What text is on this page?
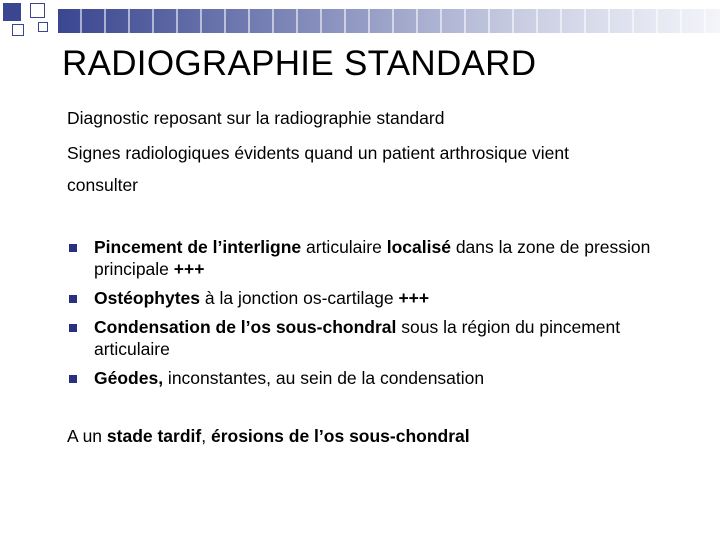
RADIOGRAPHIE STANDARD
Diagnostic reposant sur la radiographie standard
Signes radiologiques évidents quand un patient arthrosique vient
consulter
Pincement de l’interligne articulaire localisé dans la zone de pression principale +++
Ostéophytes à la jonction os-cartilage +++
Condensation de l’os sous-chondral sous la région du pincement articulaire
Géodes, inconstantes, au sein de la condensation
A un stade tardif, érosions de l’os sous-chondral
